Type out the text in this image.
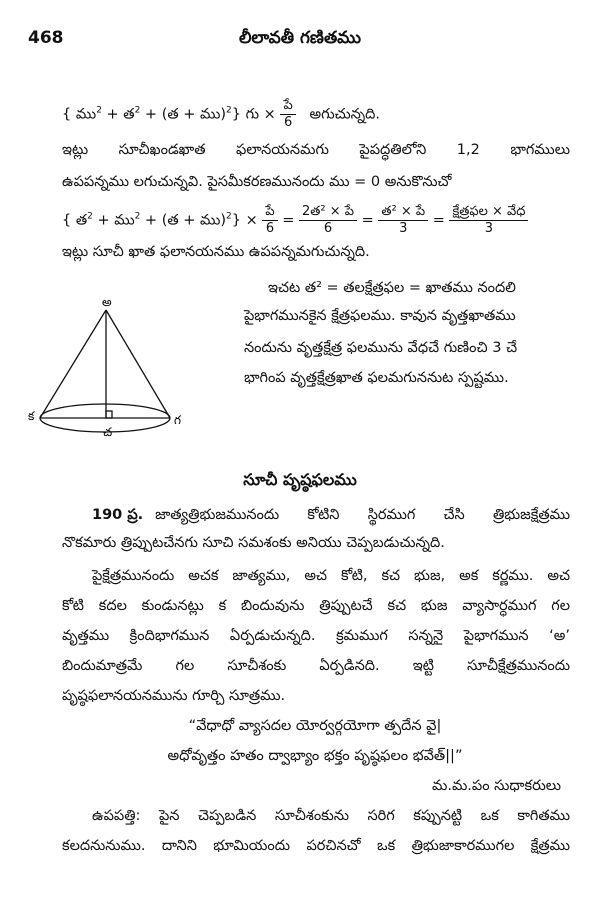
468	లీలావతీ గణితము
{ ము$^2$ + త$^2$ + (త + ము)$^2$} గు × $\frac{\text{పే}}{6}$ అగుచున్నది.
ఇట్లు సూచీఖండఖాత ఫలానయనమగు పైపద్ధతిలోని 1,2 భాగములు
ఉపపన్నము లగుచున్నవి. పైసమీకరణమునందు ము = 0 అనుకొనుచో
{ త$^2$ + ము$^2$ + (త + ము)$^2$} × $\frac{\text{పే}}{6} = \frac{\text{2త² × పే}}{6} = \frac{\text{త² × పే}}{3} = \frac{\text{క్షేత్రఫల × వేధ}}{3}$
ఇట్లు సూచీ ఖాత ఫలానయనము ఉపపన్నమగుచున్నది.
ఇచట త² = తలక్షేత్రఫల = ఖాతము నందలి
పైభాగమునకైన క్షేత్రఫలము. కావున వృత్తఖాతము
నందును వృత్తక్షేత్ర ఫలమును వేధచే గుణించి 3 చే
భాగింప వృత్తక్షేత్రఖాత ఫలమగుననుట స్పష్టము.
అ
క
చ
గ
సూచీ పృష్ఠఫలము
190 ప్ర. జాత్యత్రిభుజమునందు కోటిని స్థిరముగ చేసి త్రిభుజక్షేత్రము
నొకమారు త్రిప్పుటచేనగు సూచి సమశంకు అనియు చెప్పబడుచున్నది.
పైక్షేత్రమునందు అచక జాత్యము, అచ కోటి, కచ భుజ, అక కర్ణము. అచ
కోటి కదల కుండునట్లు క బిందువును త్రిప్పుటచే కచ భుజ వ్యాసార్ధముగ గల
వృత్తము క్రిందిభాగమున ఏర్పడుచున్నది. క్రమముగ సన్ననై పైభాగమున ‘అ’
బిందుమాత్రమే గల సూచీశంకు ఏర్పడినది. ఇట్టి సూచీక్షేత్రమునందు
పృష్ఠఫలానయనమును గూర్చి సూత్రము.
“వేధాధో వ్యాసదల యోర్వర్గయోగా త్పదేన వై|
అధోవృత్తం హతం ద్వాభ్యాం భక్తం పృష్ఠఫలం భవేత్||”
మ.మ.పం సుధాకరులు
ఉపపత్తి: పైన చెప్పబడిన సూచీశంకును సరిగ కప్పునట్టి ఒక కాగితము
కలదనునుము. దానిని భూమియందు పరచినచో ఒక త్రిభుజాకారముగల క్షేత్రము
